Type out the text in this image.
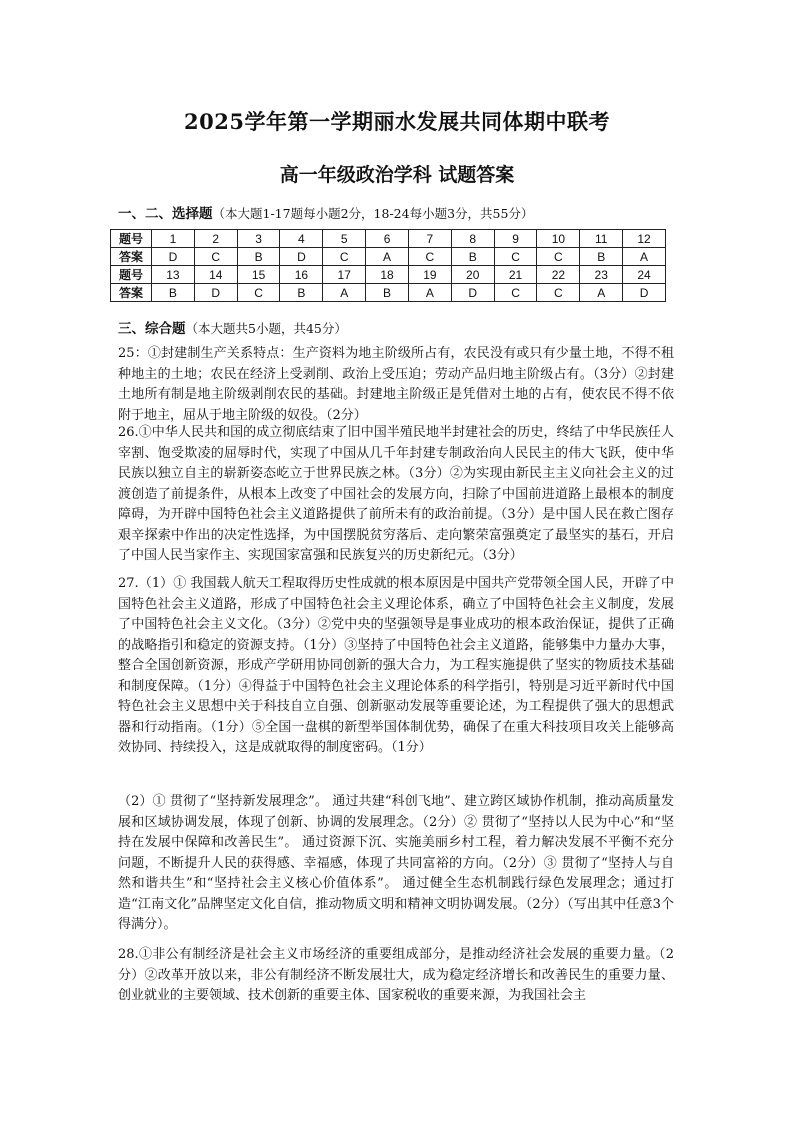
2025学年第一学期丽水发展共同体期中联考
高一年级政治学科 试题答案
一、二、选择题（本大题1-17题每小题2分，18-24每小题3分，共55分）
题号	1	2	3	4	5	6	7	8	9	10	11	12
答案	D	C	B	D	C	A	C	B	C	C	B	A
题号	13	14	15	16	17	18	19	20	21	22	23	24
答案	B	D	C	B	A	B	A	D	C	C	A	D
三、综合题（本大题共5小题，共45分）

25：①封建制生产关系特点：生产资料为地主阶级所占有，农民没有或只有少量土地，不得不租种地主的土地；农民在经济上受剥削、政治上受压迫；劳动产品归地主阶级占有。（3分）②封建土地所有制是地主阶级剥削农民的基础。封建地主阶级正是凭借对土地的占有，使农民不得不依附于地主，屈从于地主阶级的奴役。（2分）

26.①中华人民共和国的成立彻底结束了旧中国半殖民地半封建社会的历史，终结了中华民族任人宰割、饱受欺凌的屈辱时代，实现了中国从几千年封建专制政治向人民民主的伟大飞跃，使中华民族以独立自主的崭新姿态屹立于世界民族之林。（3分）②为实现由新民主主义向社会主义的过渡创造了前提条件，从根本上改变了中国社会的发展方向，扫除了中国前进道路上最根本的制度障碍，为开辟中国特色社会主义道路提供了前所未有的政治前提。（3分）是中国人民在救亡图存艰辛探索中作出的决定性选择，为中国摆脱贫穷落后、走向繁荣富强奠定了最坚实的基石，开启了中国人民当家作主、实现国家富强和民族复兴的历史新纪元。（3分）

27.（1）① 我国载人航天工程取得历史性成就的根本原因是中国共产党带领全国人民，开辟了中国特色社会主义道路，形成了中国特色社会主义理论体系，确立了中国特色社会主义制度，发展了中国特色社会主义文化。（3分）②党中央的坚强领导是事业成功的根本政治保证，提供了正确的战略指引和稳定的资源支持。（1分）③坚持了中国特色社会主义道路，能够集中力量办大事，整合全国创新资源，形成产学研用协同创新的强大合力，为工程实施提供了坚实的物质技术基础和制度保障。（1分）④得益于中国特色社会主义理论体系的科学指引，特别是习近平新时代中国特色社会主义思想中关于科技自立自强、创新驱动发展等重要论述，为工程提供了强大的思想武器和行动指南。（1分）⑤全国一盘棋的新型举国体制优势，确保了在重大科技项目攻关上能够高效协同、持续投入，这是成就取得的制度密码。（1分）

（2）① 贯彻了“坚持新发展理念”。 通过共建“科创飞地”、建立跨区域协作机制，推动高质量发展和区域协调发展，体现了创新、协调的发展理念。（2分）② 贯彻了“坚持以人民为中心”和“坚持在发展中保障和改善民生”。 通过资源下沉、实施美丽乡村工程，着力解决发展不平衡不充分问题，不断提升人民的获得感、幸福感，体现了共同富裕的方向。（2分）③ 贯彻了“坚持人与自然和谐共生”和“坚持社会主义核心价值体系”。 通过健全生态机制践行绿色发展理念；通过打造“江南文化”品牌坚定文化自信，推动物质文明和精神文明协调发展。（2分）（写出其中任意3个得满分）。

28.①非公有制经济是社会主义市场经济的重要组成部分，是推动经济社会发展的重要力量。（2分）②改革开放以来，非公有制经济不断发展壮大，成为稳定经济增长和改善民生的重要力量、创业就业的主要领域、技术创新的重要主体、国家税收的重要来源，为我国社会主
